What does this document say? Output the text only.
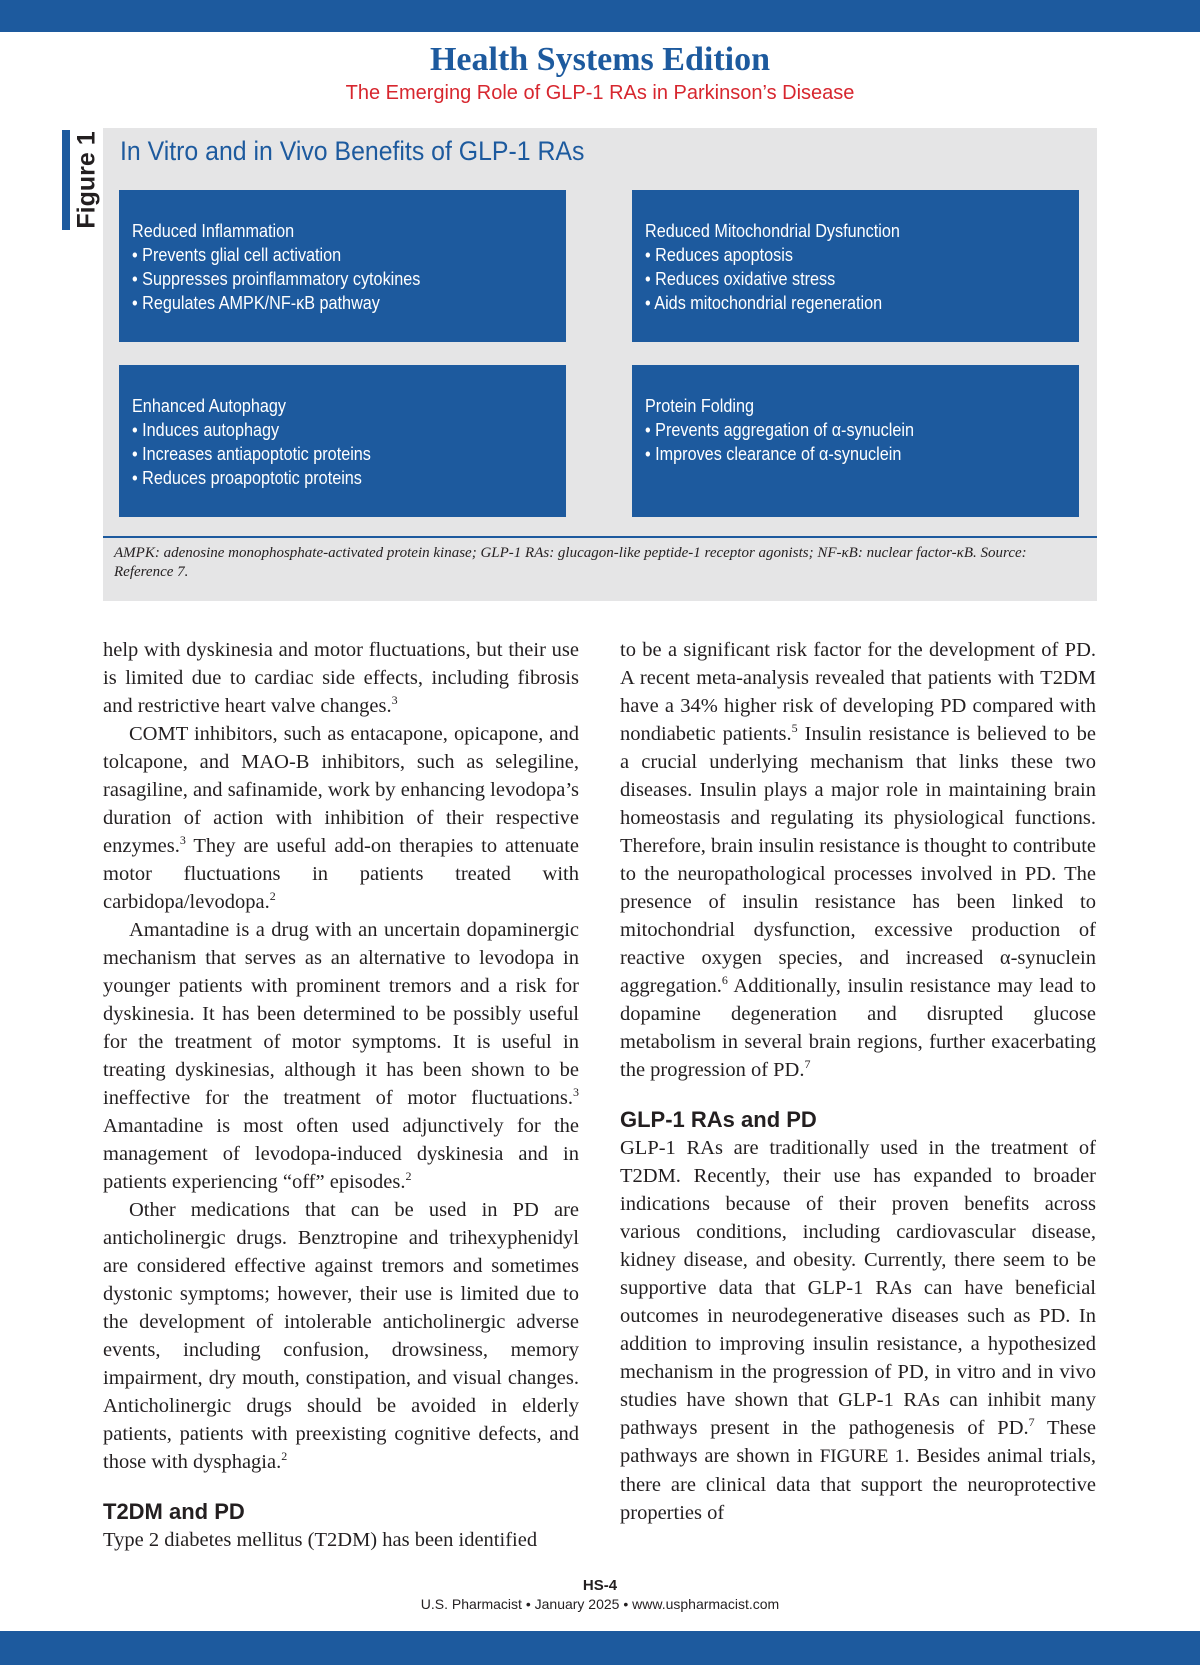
Health Systems Edition
The Emerging Role of GLP-1 RAs in Parkinson’s Disease
Figure 1 In Vitro and in Vivo Benefits of GLP-1 RAs
Reduced Inflammation
• Prevents glial cell activation
• Suppresses proinflammatory cytokines
• Regulates AMPK/NF-κB pathway
Reduced Mitochondrial Dysfunction
• Reduces apoptosis
• Reduces oxidative stress
• Aids mitochondrial regeneration
Enhanced Autophagy
• Induces autophagy
• Increases antiapoptotic proteins
• Reduces proapoptotic proteins
Protein Folding
• Prevents aggregation of α-synuclein
• Improves clearance of α-synuclein
AMPK: adenosine monophosphate-activated protein kinase; GLP-1 RAs: glucagon-like peptide-1 receptor agonists; NF-κB: nuclear factor-κB. Source: Reference 7.

help with dyskinesia and motor fluctuations, but their use is limited due to cardiac side effects, including fibrosis and restrictive heart valve changes.$^3$

COMT inhibitors, such as entacapone, opicapone, and tolcapone, and MAO-B inhibitors, such as selegiline, rasagiline, and safinamide, work by enhancing levodopa’s duration of action with inhibition of their respective enzymes.$^3$ They are useful add-on therapies to attenuate motor fluctuations in patients treated with carbidopa/levodopa.$^2$

Amantadine is a drug with an uncertain dopaminergic mechanism that serves as an alternative to levodopa in younger patients with prominent tremors and a risk for dyskinesia. It has been determined to be possibly useful for the treatment of motor symptoms. It is useful in treating dyskinesias, although it has been shown to be ineffective for the treatment of motor fluctuations.$^3$ Amantadine is most often used adjunctively for the management of levodopa-induced dyskinesia and in patients experiencing “off” episodes.$^2$

Other medications that can be used in PD are anticholinergic drugs. Benztropine and trihexyphenidyl are considered effective against tremors and sometimes dystonic symptoms; however, their use is limited due to the development of intolerable anticholinergic adverse events, including confusion, drowsiness, memory impairment, dry mouth, constipation, and visual changes. Anticholinergic drugs should be avoided in elderly patients, patients with preexisting cognitive defects, and those with dysphagia.$^2$

T2DM and PD

Type 2 diabetes mellitus (T2DM) has been identified

to be a significant risk factor for the development of PD. A recent meta-analysis revealed that patients with T2DM have a 34% higher risk of developing PD compared with nondiabetic patients.$^5$ Insulin resistance is believed to be a crucial underlying mechanism that links these two diseases. Insulin plays a major role in maintaining brain homeostasis and regulating its physiological functions. Therefore, brain insulin resistance is thought to contribute to the neuropathological processes involved in PD. The presence of insulin resistance has been linked to mitochondrial dysfunction, excessive production of reactive oxygen species, and increased α-synuclein aggregation.$^6$ Additionally, insulin resistance may lead to dopamine degeneration and disrupted glucose metabolism in several brain regions, further exacerbating the progression of PD.$^7$

GLP-1 RAs and PD

GLP-1 RAs are traditionally used in the treatment of T2DM. Recently, their use has expanded to broader indications because of their proven benefits across various conditions, including cardiovascular disease, kidney disease, and obesity. Currently, there seem to be supportive data that GLP-1 RAs can have beneficial outcomes in neurodegenerative diseases such as PD. In addition to improving insulin resistance, a hypothesized mechanism in the progression of PD, in vitro and in vivo studies have shown that GLP-1 RAs can inhibit many pathways present in the pathogenesis of PD.$^7$ These pathways are shown in FIGURE 1. Besides animal trials, there are clinical data that support the neuroprotective properties of

HS-4
U.S. Pharmacist • January 2025 • www.uspharmacist.com
